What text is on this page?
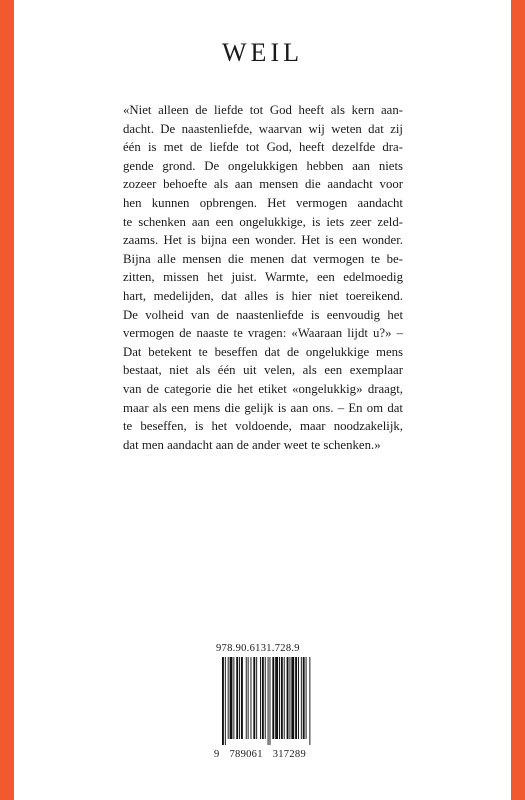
WEIL
«Niet alleen de liefde tot God heeft als kern aan-
dacht. De naastenliefde, waarvan wij weten dat zij
één is met de liefde tot God, heeft dezelfde dra-
gende grond. De ongelukkigen hebben aan niets
zozeer behoefte als aan mensen die aandacht voor
hen kunnen opbrengen. Het vermogen aandacht
te schenken aan een ongelukkige, is iets zeer zeld-
zaams. Het is bijna een wonder. Het is een wonder.
Bijna alle mensen die menen dat vermogen te be-
zitten, missen het juist. Warmte, een edelmoedig
hart, medelijden, dat alles is hier niet toereikend.
De volheid van de naastenliefde is eenvoudig het
vermogen de naaste te vragen: «Waaraan lijdt u?» –
Dat betekent te beseffen dat de ongelukkige mens
bestaat, niet als één uit velen, als een exemplaar
van de categorie die het etiket «ongelukkig» draagt,
maar als een mens die gelijk is aan ons. – En om dat
te beseffen, is het voldoende, maar noodzakelijk,
dat men aandacht aan de ander weet te schenken.»
978.90.6131.728.9
9 789061 317289
